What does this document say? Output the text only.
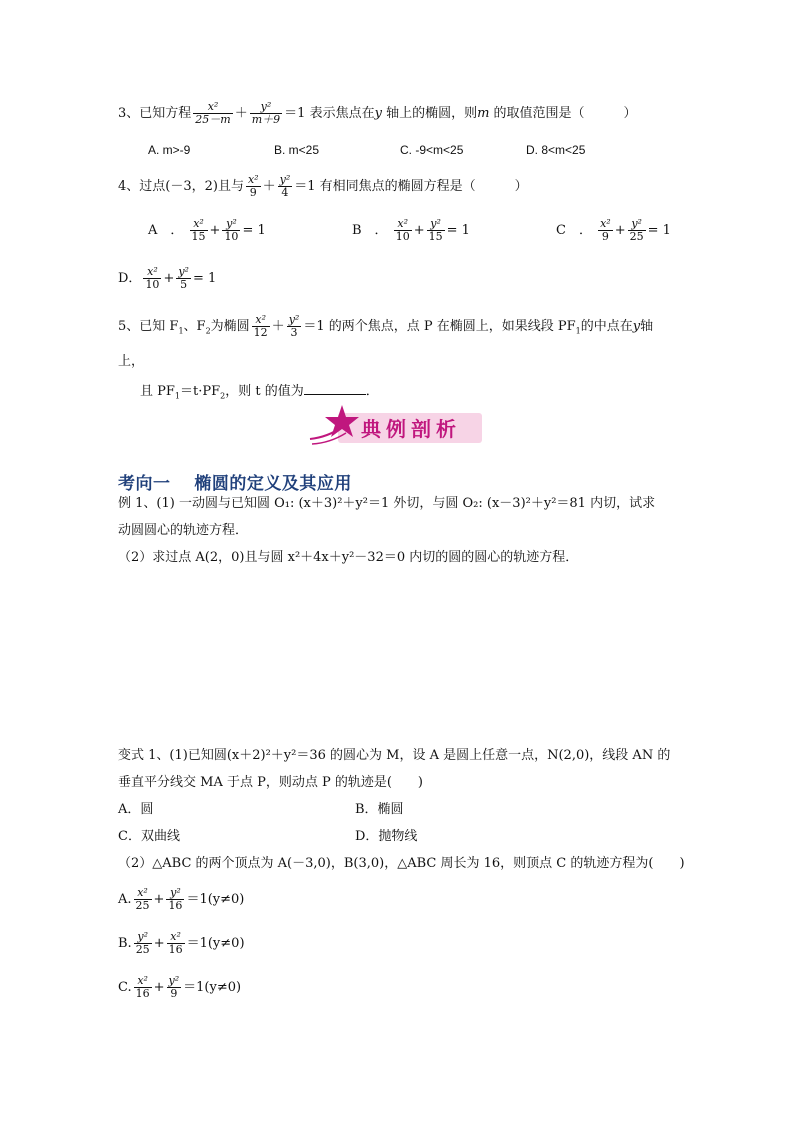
3、已知方程 $\frac{\text{x²}}{25-m} + \frac{\text{y²}}{m+9} =1$ 表示焦点在y 轴上的椭圆，则m 的取值范围是（　　　）
A. m>-9	B. m<25	C. -9<m<25	D. 8<m<25
4、过点(－3，2)且与 $\frac{\text{x²}}{9} + \frac{\text{y²}}{4} =1$ 有相同焦点的椭圆方程是（　　　）
A　． $\frac{\text{x²}}{15} + \frac{\text{y²}}{10} = 1$	B　． $\frac{\text{x²}}{10} + \frac{\text{y²}}{15} = 1$	C　． $\frac{\text{x²}}{9} + \frac{\text{y²}}{25} = 1$
D． $\frac{\text{x²}}{10} + \frac{\text{y²}}{5} = 1$
5、已知 $F_1$、$F_2$为椭圆 $\frac{\text{x²}}{12} + \frac{\text{y²}}{3} =1$ 的两个焦点，点 P 在椭圆上，如果线段 $PF_1$的中点在y轴
上，
且 $PF_1=t\cdot PF_2$，则 t 的值为	．
典例剖析
考向一　 椭圆的定义及其应用
例 1、(1) 一动圆与已知圆 O₁: (x＋3)²＋y²＝1 外切，与圆 O₂: (x－3)²＋y²＝81 内切，试求
动圆圆心的轨迹方程．
（2）求过点 A(2，0)且与圆 x²＋4x＋y²－32＝0 内切的圆的圆心的轨迹方程．
变式 1、(1)已知圆(x＋2)²＋y²＝36 的圆心为 M，设 A 是圆上任意一点，N(2,0)，线段 AN 的
垂直平分线交 MA 于点 P，则动点 P 的轨迹是(　　)
A．圆	B．椭圆
C．双曲线	D．抛物线
（2）△ABC 的两个顶点为 A(－3,0)，B(3,0)，△ABC 周长为 16，则顶点 C 的轨迹方程为(　　)
A. $\frac{\text{x²}}{25} + \frac{\text{y²}}{16} =1(y\ne 0)$
B. $\frac{\text{y²}}{25} + \frac{\text{x²}}{16} =1(y\ne 0)$
C. $\frac{\text{x²}}{16} + \frac{\text{y²}}{9} =1(y\ne 0)$
